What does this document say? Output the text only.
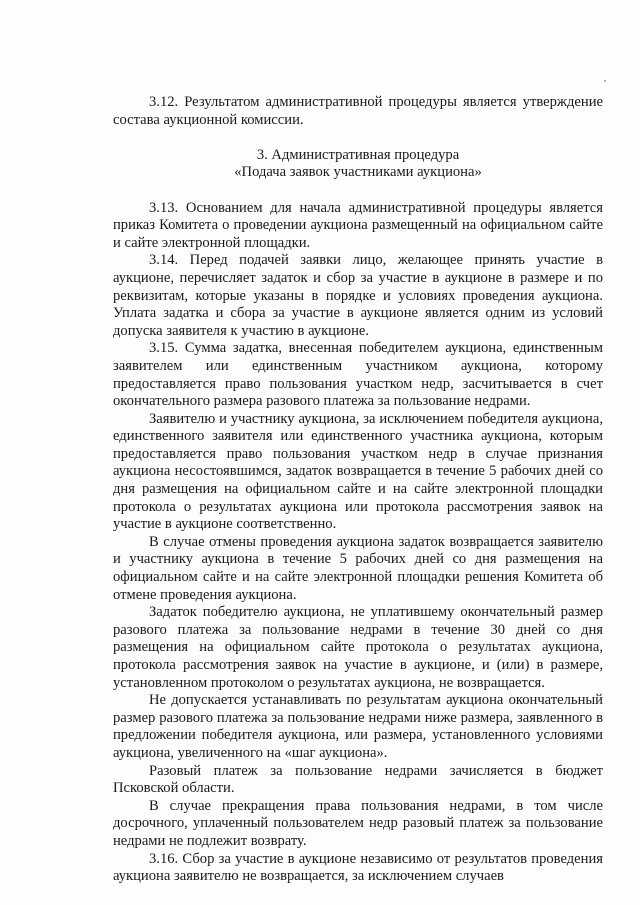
3.12. Результатом административной процедуры является утверждение состава аукционной комиссии.

3. Административная процедура
«Подача заявок участниками аукциона»

3.13. Основанием для начала административной процедуры является приказ Комитета о проведении аукциона размещенный на официальном сайте и сайте электронной площадки.

3.14. Перед подачей заявки лицо, желающее принять участие в аукционе, перечисляет задаток и сбор за участие в аукционе в размере и по реквизитам, которые указаны в порядке и условиях проведения аукциона. Уплата задатка и сбора за участие в аукционе является одним из условий допуска заявителя к участию в аукционе.

3.15. Сумма задатка, внесенная победителем аукциона, единственным заявителем или единственным участником аукциона, которому предоставляется право пользования участком недр, засчитывается в счет окончательного размера разового платежа за пользование недрами.

Заявителю и участнику аукциона, за исключением победителя аукциона, единственного заявителя или единственного участника аукциона, которым предоставляется право пользования участком недр в случае признания аукциона несостоявшимся, задаток возвращается в течение 5 рабочих дней со дня размещения на официальном сайте и на сайте электронной площадки протокола о результатах аукциона или протокола рассмотрения заявок на участие в аукционе соответственно.

В случае отмены проведения аукциона задаток возвращается заявителю и участнику аукциона в течение 5 рабочих дней со дня размещения на официальном сайте и на сайте электронной площадки решения Комитета об отмене проведения аукциона.

Задаток победителю аукциона, не уплатившему окончательный размер разового платежа за пользование недрами в течение 30 дней со дня размещения на официальном сайте протокола о результатах аукциона, протокола рассмотрения заявок на участие в аукционе, и (или) в размере, установленном протоколом о результатах аукциона, не возвращается.

Не допускается устанавливать по результатам аукциона окончательный размер разового платежа за пользование недрами ниже размера, заявленного в предложении победителя аукциона, или размера, установленного условиями аукциона, увеличенного на «шаг аукциона».

Разовый платеж за пользование недрами зачисляется в бюджет Псковской области.

В случае прекращения права пользования недрами, в том числе досрочного, уплаченный пользователем недр разовый платеж за пользование недрами не подлежит возврату.

3.16. Сбор за участие в аукционе независимо от результатов проведения аукциона заявителю не возвращается, за исключением случаев
